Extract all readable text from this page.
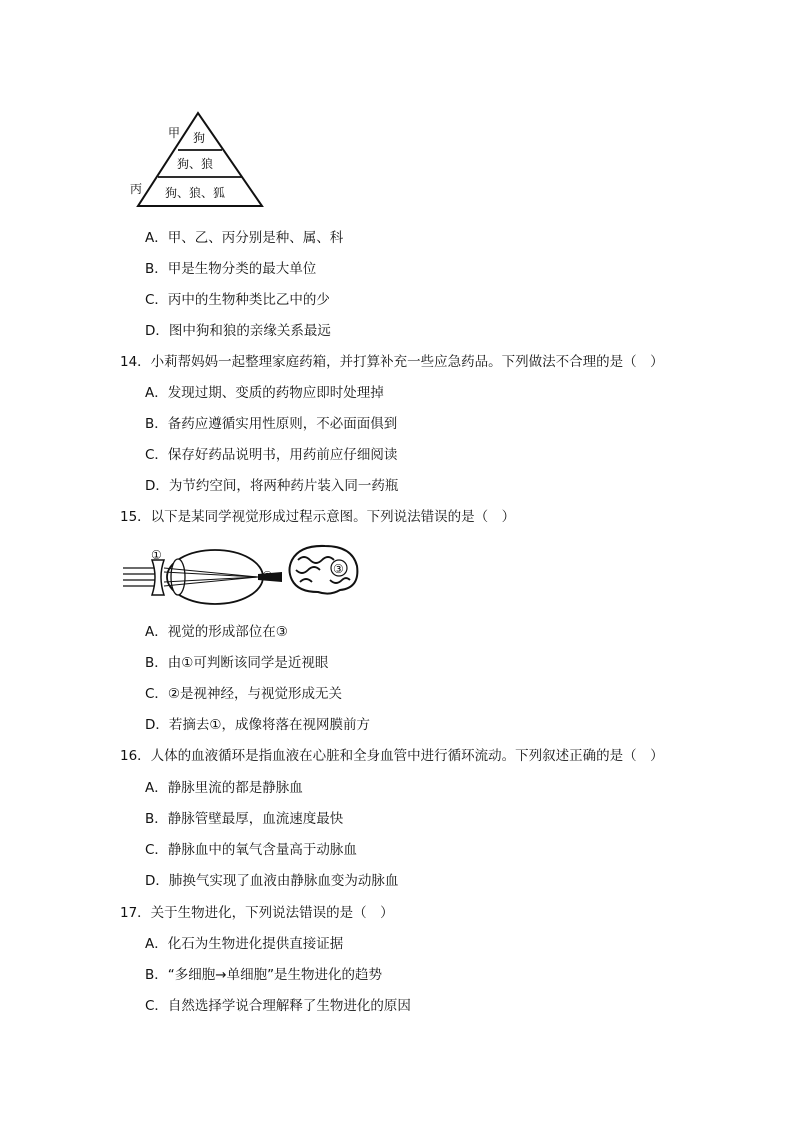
甲
丙
狗
狗、狼
狗、狼、狐
A．甲、乙、丙分别是种、属、科
B．甲是生物分类的最大单位
C．丙中的生物种类比乙中的少
D．图中狗和狼的亲缘关系最远
14．小莉帮妈妈一起整理家庭药箱，并打算补充一些应急药品。下列做法不合理的是（　）
A．发现过期、变质的药物应即时处理掉
B．备药应遵循实用性原则，不必面面俱到
C．保存好药品说明书，用药前应仔细阅读
D．为节约空间，将两种药片装入同一药瓶
15．以下是某同学视觉形成过程示意图。下列说法错误的是（　）
①
②	③
A．视觉的形成部位在③
B．由①可判断该同学是近视眼
C．②是视神经，与视觉形成无关
D．若摘去①，成像将落在视网膜前方
16．人体的血液循环是指血液在心脏和全身血管中进行循环流动。下列叙述正确的是（　）
A．静脉里流的都是静脉血
B．静脉管壁最厚，血流速度最快
C．静脉血中的氧气含量高于动脉血
D．肺换气实现了血液由静脉血变为动脉血
17．关于生物进化，下列说法错误的是（　）
A．化石为生物进化提供直接证据
B．“多细胞→单细胞”是生物进化的趋势
C．自然选择学说合理解释了生物进化的原因
